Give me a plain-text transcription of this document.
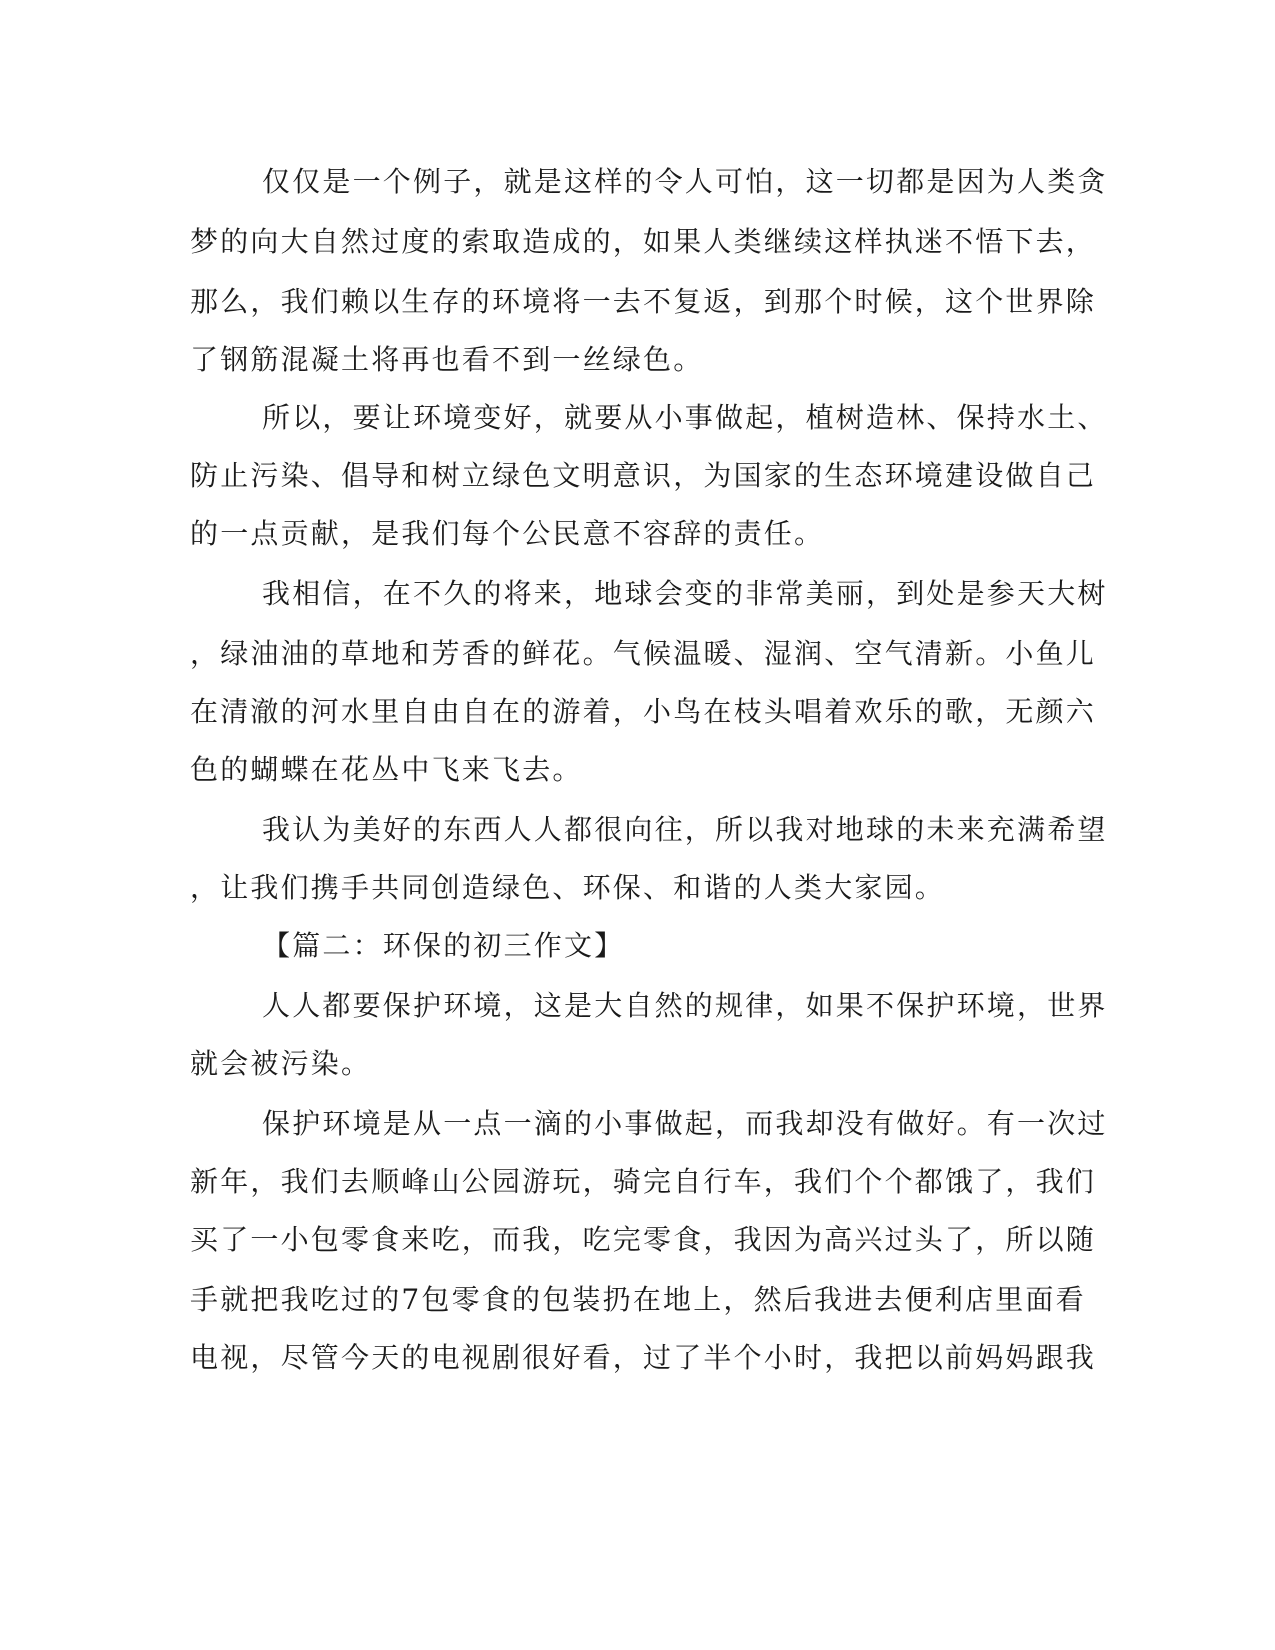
仅仅是一个例子，就是这样的令人可怕，这一切都是因为人类贪
梦的向大自然过度的索取造成的，如果人类继续这样执迷不悟下去，
那么，我们赖以生存的环境将一去不复返，到那个时候，这个世界除
了钢筋混凝土将再也看不到一丝绿色。
所以，要让环境变好，就要从小事做起，植树造林、保持水土、
防止污染、倡导和树立绿色文明意识，为国家的生态环境建设做自己
的一点贡献，是我们每个公民意不容辞的责任。
我相信，在不久的将来，地球会变的非常美丽，到处是参天大树
，绿油油的草地和芳香的鲜花。气候温暖、湿润、空气清新。小鱼儿
在清澈的河水里自由自在的游着，小鸟在枝头唱着欢乐的歌，无颜六
色的蝴蝶在花丛中飞来飞去。
我认为美好的东西人人都很向往，所以我对地球的未来充满希望
，让我们携手共同创造绿色、环保、和谐的人类大家园。
【篇二：环保的初三作文】
人人都要保护环境，这是大自然的规律，如果不保护环境，世界
就会被污染。
保护环境是从一点一滴的小事做起，而我却没有做好。有一次过
新年，我们去顺峰山公园游玩，骑完自行车，我们个个都饿了，我们
买了一小包零食来吃，而我，吃完零食，我因为高兴过头了，所以随
手就把我吃过的7包零食的包装扔在地上，然后我进去便利店里面看
电视，尽管今天的电视剧很好看，过了半个小时，我把以前妈妈跟我
